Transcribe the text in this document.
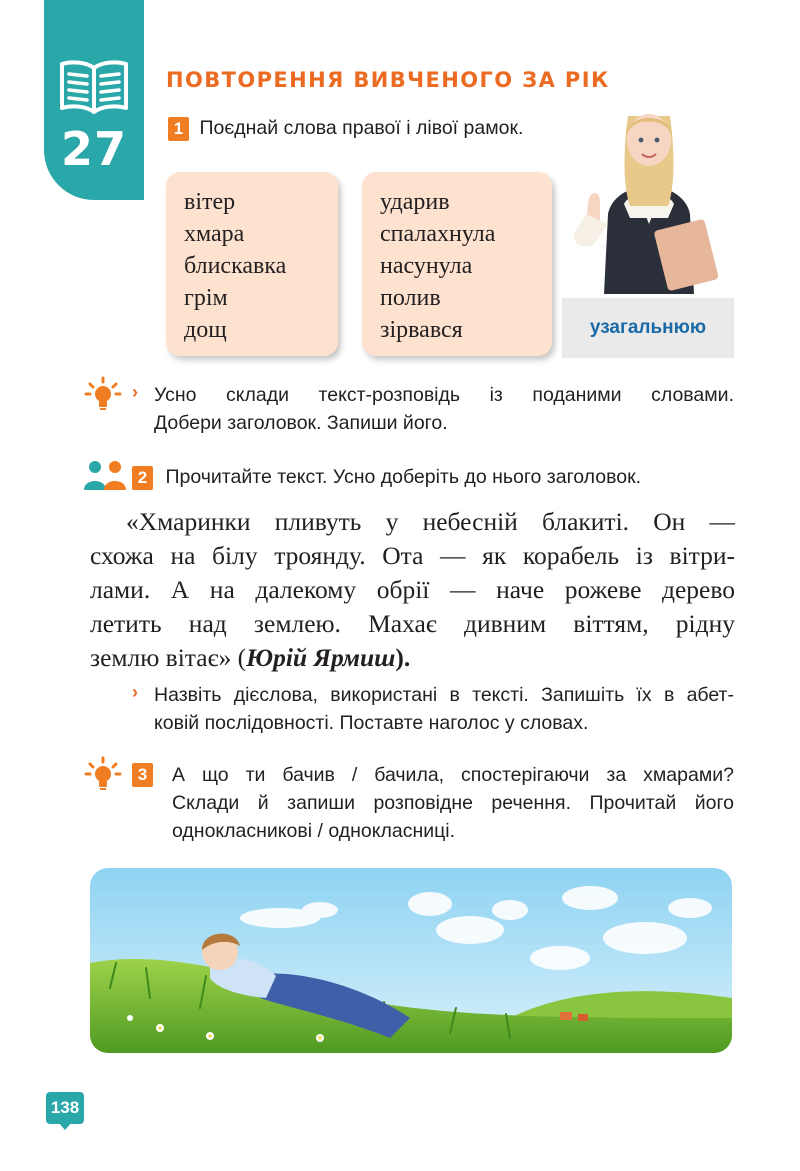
27
ПОВТОРЕННЯ ВИВЧЕНОГО ЗА РІК
1 Поєднай слова правої і лівої рамок.
вітер
хмара
блискавка
грім
дощ
ударив
спалахнула
насунула
полив
зірвався	узагальнюю
› Усно склади текст-розповідь із поданими словами.
Добери заголовок. Запиши його.
2 Прочитайте текст. Усно доберіть до нього заголовок.
«Хмаринки пливуть у небесній блакиті. Он —
схожа на білу троянду. Ота — як корабель із вітри-
лами. А на далекому обрії — наче рожеве дерево
летить над землею. Махає дивним віттям, рідну
землю вітає» (Юрій Ярмиш).
› Назвіть дієслова, використані в тексті. Запишіть їх в абет-
ковій послідовності. Поставте наголос у словах.
3 А що ти бачив / бачила, спостерігаючи за хмарами?
Склади й запиши розповідне речення. Прочитай його
однокласникові / однокласниці.
138
